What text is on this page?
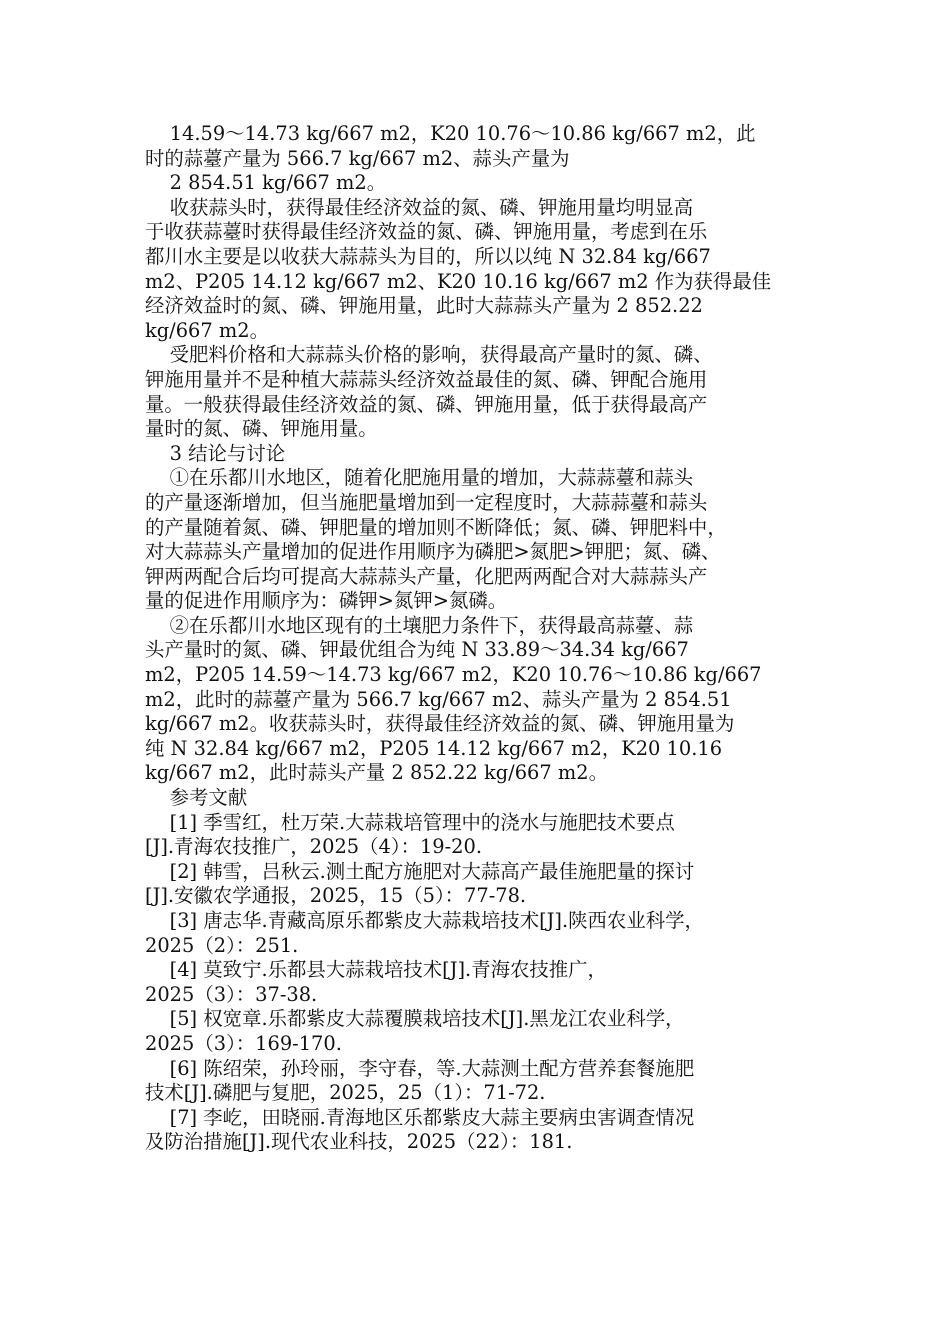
14.59～14.73 kg/667 m2，K20 10.76～10.86 kg/667 m2，此
时的蒜薹产量为 566.7 kg/667 m2、蒜头产量为
2 854.51 kg/667 m2。
收获蒜头时，获得最佳经济效益的氮、磷、钾施用量均明显高
于收获蒜薹时获得最佳经济效益的氮、磷、钾施用量，考虑到在乐
都川水主要是以收获大蒜蒜头为目的，所以以纯 N 32.84 kg/667
m2、P205 14.12 kg/667 m2、K20 10.16 kg/667 m2 作为获得最佳
经济效益时的氮、磷、钾施用量，此时大蒜蒜头产量为 2 852.22
kg/667 m2。
受肥料价格和大蒜蒜头价格的影响，获得最高产量时的氮、磷、
钾施用量并不是种植大蒜蒜头经济效益最佳的氮、磷、钾配合施用
量。一般获得最佳经济效益的氮、磷、钾施用量，低于获得最高产
量时的氮、磷、钾施用量。
3 结论与讨论
①在乐都川水地区，随着化肥施用量的增加，大蒜蒜薹和蒜头
的产量逐渐增加，但当施肥量增加到一定程度时，大蒜蒜薹和蒜头
的产量随着氮、磷、钾肥量的增加则不断降低；氮、磷、钾肥料中，
对大蒜蒜头产量增加的促进作用顺序为磷肥>氮肥>钾肥；氮、磷、
钾两两配合后均可提高大蒜蒜头产量，化肥两两配合对大蒜蒜头产
量的促进作用顺序为：磷钾>氮钾>氮磷。
②在乐都川水地区现有的土壤肥力条件下，获得最高蒜薹、蒜
头产量时的氮、磷、钾最优组合为纯 N 33.89～34.34 kg/667
m2，P205 14.59～14.73 kg/667 m2，K20 10.76～10.86 kg/667
m2，此时的蒜薹产量为 566.7 kg/667 m2、蒜头产量为 2 854.51
kg/667 m2。收获蒜头时，获得最佳经济效益的氮、磷、钾施用量为
纯 N 32.84 kg/667 m2，P205 14.12 kg/667 m2，K20 10.16
kg/667 m2，此时蒜头产量 2 852.22 kg/667 m2。
参考文献
[1] 季雪红，杜万荣.大蒜栽培管理中的浇水与施肥技术要点
[J].青海农技推广，2025（4）：19-20.
[2] 韩雪，吕秋云.测土配方施肥对大蒜高产最佳施肥量的探讨
[J].安徽农学通报，2025，15（5）：77-78.
[3] 唐志华.青藏高原乐都紫皮大蒜栽培技术[J].陕西农业科学，
2025（2）：251.
[4] 莫致宁.乐都县大蒜栽培技术[J].青海农技推广，
2025（3）：37-38.
[5] 权宽章.乐都紫皮大蒜覆膜栽培技术[J].黑龙江农业科学，
2025（3）：169-170.
[6] 陈绍荣，孙玲丽，李守春，等.大蒜测土配方营养套餐施肥
技术[J].磷肥与复肥，2025，25（1）：71-72.
[7] 李屹，田晓丽.青海地区乐都紫皮大蒜主要病虫害调查情况
及防治措施[J].现代农业科技，2025（22）：181.
